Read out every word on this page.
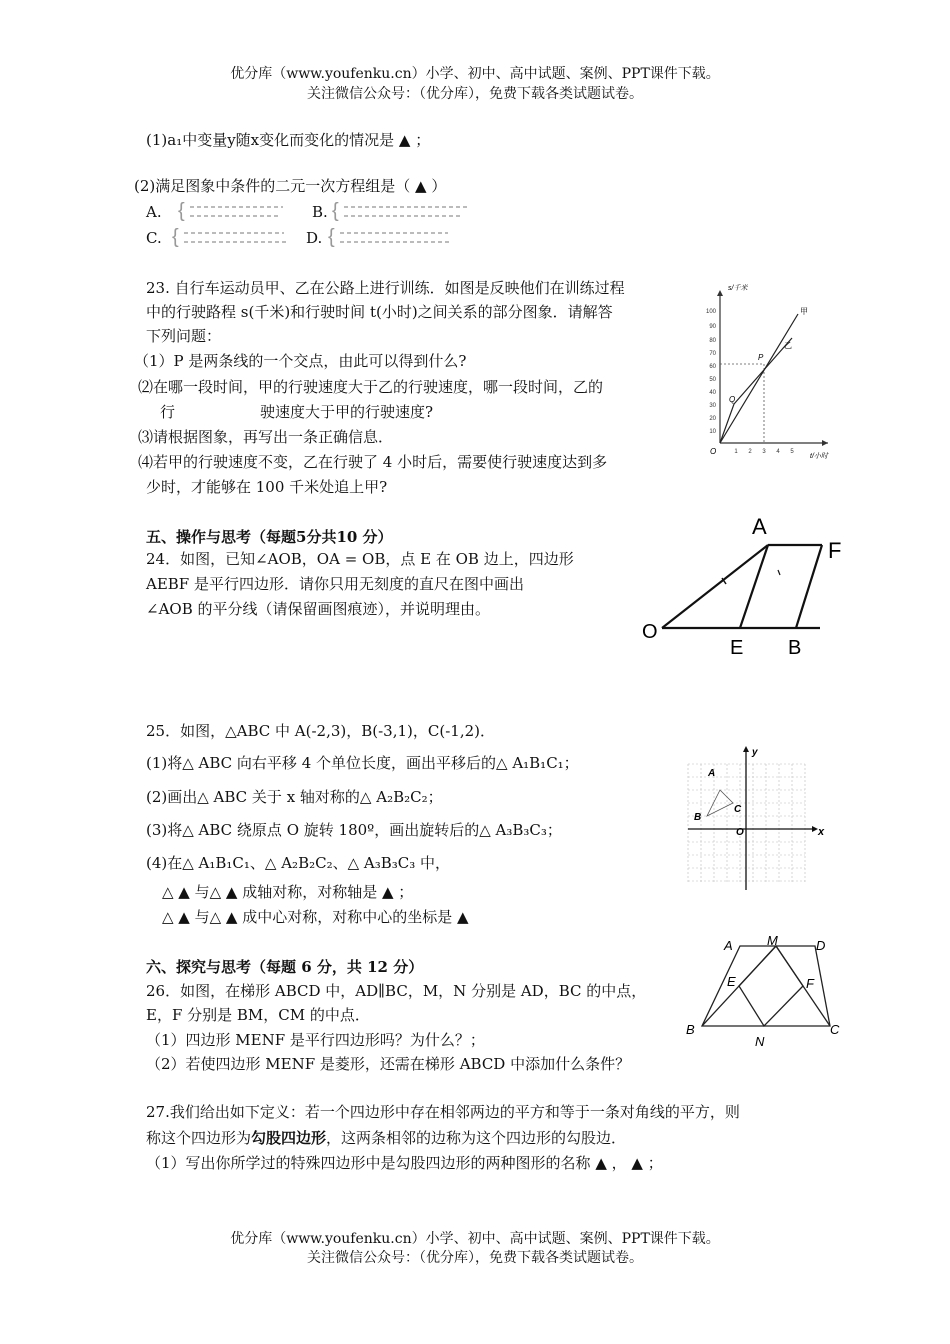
优分库（www.youfenku.cn）小学、初中、高中试题、案例、PPT课件下载。
关注微信公众号：（优分库），免费下载各类试题试卷。
(1)a₁中变量y随x变化而变化的情况是 ▲ ；
(2)满足图象中条件的二元一次方程组是（ ▲ ）
A. {	B. {
C. {	D. {
23. 自行车运动员甲、乙在公路上进行训练．如图是反映他们在训练过程
中的行驶路程 s(千米)和行驶时间 t(小时)之间关系的部分图象．请解答
下列问题：
（1）P 是两条线的一个交点，由此可以得到什么?
⑵在哪一段时间，甲的行驶速度大于乙的行驶速度，哪一段时间，乙的
行	驶速度大于甲的行驶速度?
⑶请根据图象，再写出一条正确信息．
⑷若甲的行驶速度不变，乙在行驶了 4 小时后，需要使行驶速度达到多
少时，才能够在 100 千米处追上甲?
s/千米
t/小时
O
100
90
80
70
60
50
40
30
20
10
1 2 3 4 5
甲
乙
P
Q
五、操作与思考（每题5分共10 分）
24．如图，已知∠AOB，OA = OB，点 E 在 OB 边上，四边形
AEBF 是平行四边形．请你只用无刻度的直尺在图中画出
∠AOB 的平分线（请保留画图痕迹），并说明理由。
A
F
O
E B
25．如图，△ABC 中 A(-2,3)，B(-3,1)，C(-1,2)．
(1)将△ ABC 向右平移 4 个单位长度，画出平移后的△ A₁B₁C₁；
(2)画出△ ABC 关于 x 轴对称的△ A₂B₂C₂；
(3)将△ ABC 绕原点 O 旋转 180º，画出旋转后的△ A₃B₃C₃；
(4)在△ A₁B₁C₁、△ A₂B₂C₂、△ A₃B₃C₃ 中，
△ ▲ 与△ ▲ 成轴对称，对称轴是 ▲ ；
△ ▲ 与△ ▲ 成中心对称，对称中心的坐标是 ▲
y
x
A
B
C
O
六、探究与思考（每题 6 分，共 12 分）
26．如图，在梯形 ABCD 中，AD∥BC，M，N 分别是 AD，BC 的中点，
E，F 分别是 BM，CM 的中点．
（1）四边形 MENF 是平行四边形吗？为什么？；
（2）若使四边形 MENF 是菱形，还需在梯形 ABCD 中添加什么条件？
A	M	D
E	F
B	C
N
27.我们给出如下定义：若一个四边形中存在相邻两边的平方和等于一条对角线的平方，则
称这个四边形为勾股四边形，这两条相邻的边称为这个四边形的勾股边．
（1）写出你所学过的特殊四边形中是勾股四边形的两种图形的名称 ▲ ， ▲ ；
优分库（www.youfenku.cn）小学、初中、高中试题、案例、PPT课件下载。
关注微信公众号：（优分库），免费下载各类试题试卷。
